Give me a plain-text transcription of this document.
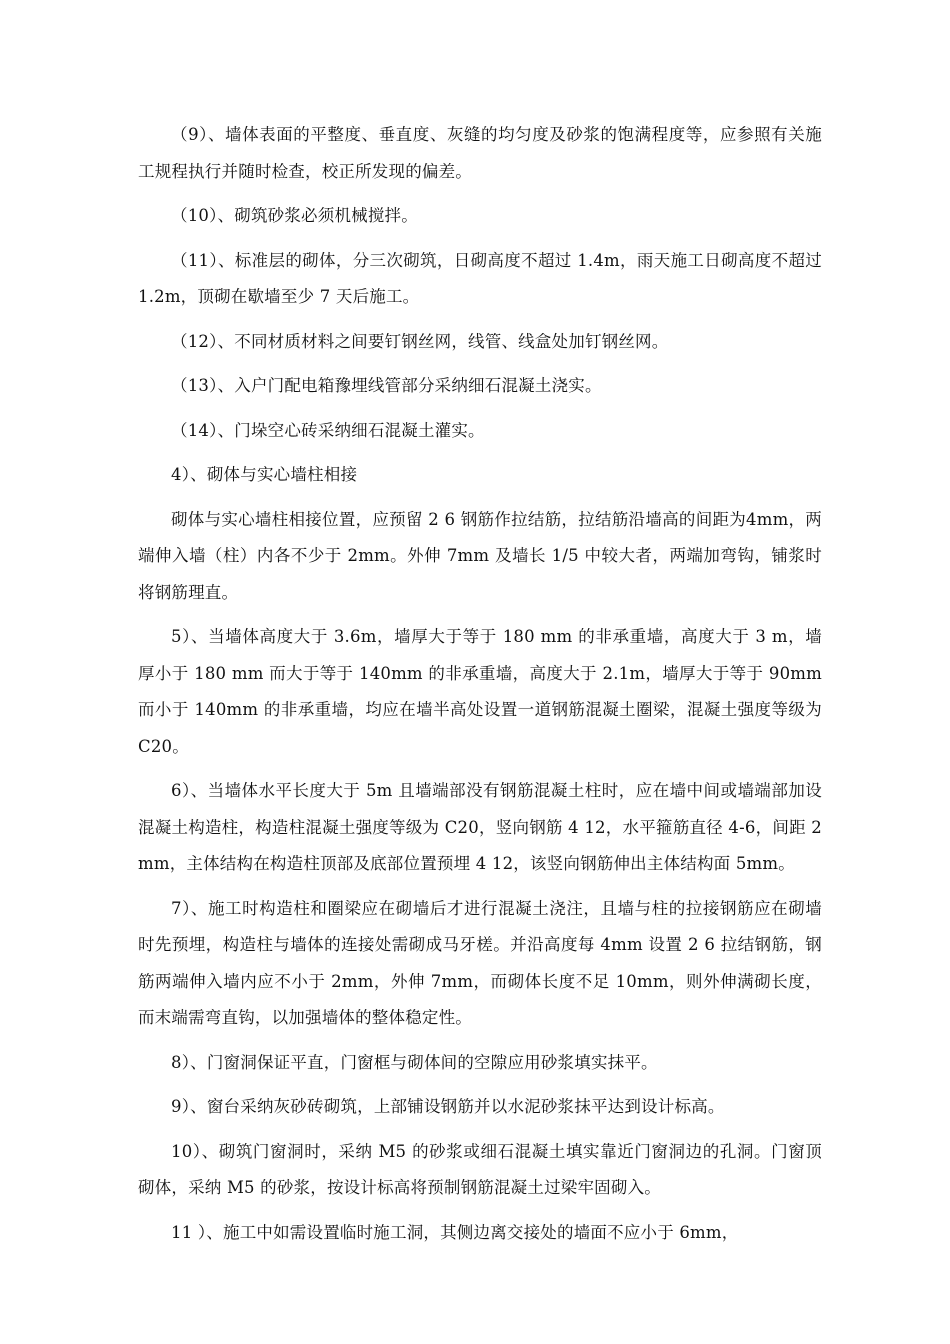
（9）、墙体表面的平整度、垂直度、灰缝的均匀度及砂浆的饱满程度等，应参照有关施工规程执行并随时检查，校正所发现的偏差。

（10）、砌筑砂浆必须机械搅拌。

（11）、标准层的砌体，分三次砌筑，日砌高度不超过 1.4m，雨天施工日砌高度不超过 1.2m，顶砌在歇墙至少 7 天后施工。

（12）、不同材质材料之间要钉钢丝网，线管、线盒处加钉钢丝网。

（13）、入户门配电箱豫埋线管部分采纳细石混凝土浇实。

（14）、门垛空心砖采纳细石混凝土灌实。

4）、砌体与实心墙柱相接

砌体与实心墙柱相接位置，应预留 2 6 钢筋作拉结筋，拉结筋沿墙高的间距为4mm，两端伸入墙（柱）内各不少于 2mm。外伸 7mm 及墙长 1/5 中较大者，两端加弯钩，铺浆时将钢筋理直。

5）、当墙体高度大于 3.6m，墙厚大于等于 180 mm 的非承重墙，高度大于 3 m，墙厚小于 180 mm 而大于等于 140mm 的非承重墙，高度大于 2.1m，墙厚大于等于 90mm 而小于 140mm 的非承重墙，均应在墙半高处设置一道钢筋混凝土圈梁，混凝土强度等级为 C20。

6）、当墙体水平长度大于 5m 且墙端部没有钢筋混凝土柱时，应在墙中间或墙端部加设混凝土构造柱，构造柱混凝土强度等级为 C20，竖向钢筋 4 12，水平箍筋直径 4-6，间距 2mm，主体结构在构造柱顶部及底部位置预埋 4 12，该竖向钢筋伸出主体结构面 5mm。

7）、施工时构造柱和圈梁应在砌墙后才进行混凝土浇注，且墙与柱的拉接钢筋应在砌墙时先预埋，构造柱与墙体的连接处需砌成马牙槎。并沿高度每 4mm 设置 2 6 拉结钢筋，钢筋两端伸入墙内应不小于 2mm，外伸 7mm，而砌体长度不足 10mm，则外伸满砌长度，而末端需弯直钩，以加强墙体的整体稳定性。

8）、门窗洞保证平直，门窗框与砌体间的空隙应用砂浆填实抹平。

9）、窗台采纳灰砂砖砌筑，上部铺设钢筋并以水泥砂浆抹平达到设计标高。

10）、砌筑门窗洞时，采纳 M5 的砂浆或细石混凝土填实靠近门窗洞边的孔洞。门窗顶砌体，采纳 M5 的砂浆，按设计标高将预制钢筋混凝土过梁牢固砌入。

11 ）、施工中如需设置临时施工洞，其侧边离交接处的墙面不应小于 6mm，
